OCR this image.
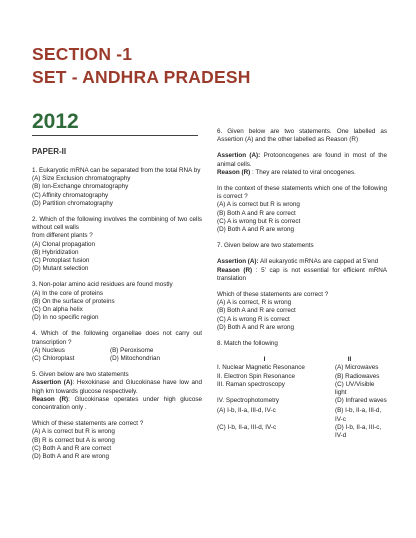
SECTION -1
SET - ANDHRA PRADESH
2012
PAPER-II

1. Eukaryotic mRNA can be separated from the total RNA by

(A) Size Exclusion chromatography

(B) Ion-Exchange chromatography

(C) Affinity chromatography

(D) Partition chromatography

2. Which of the following involves the combining of two cells without cell walls

from different plants ?

(A) Clonal propagation

(B) Hybridization

(C) Protoplast fusion

(D) Mutant selection

3. Non-polar amino acid residues are found mostly

(A) In the core of proteins

(B) On the surface of proteins

(C) On alpha helix

(D) In no specific region

4. Which of the following organellae does not carry out transcription ?

(A) Nucleus	(B) Peroxisome

(C) Chloroplast	(D) Mitochondrian

5. Given below are two statements

Assertion (A): Hexokinase and Glucokinase have low and high km towards glucose respectively.

Reason (R): Glucokinase operates under high glucose concentration only .

Which of these statements are correct ?

(A) A is correct but R is wrong

(B) R is correct but A is wrong

(C) Both A and R are correct

(D) Both A and R are wrong

6. Given below are two statements. One labelled as Assertion (A) and the other labelled as Reason (R)

Assertion (A): Protooncogenes are found in most of the animal cells.

Reason (R) : They are related to viral oncogenes.

In the context of these statements which one of the following is correct ?

(A) A is correct but R is wrong

(B) Both A and R are correct

(C) A is wrong but R is correct

(D) Both A and R are wrong

7. Given below are two statements

Assertion (A): All eukaryotic mRNAs are capped at 5'end

Reason (R) : 5' cap is not essential for efficient mRNA translation

Which of these statements are correct ?

(A) A is correct, R is wrong

(B) Both A and R are correct

(C) A is wrong R is correct

(D) Both A and R are wrong

8. Match the following

I	II
I. Nuclear Magnetic Resonance	(A) Microwaves
II. Electron Spin Resonance	(B) Radiowaves
III. Raman spectroscopy	(C) UV/Visible light
IV. Spectrophotometry	(D) Infrared waves
(A) I-b, II-a, III-d, IV-c	(B) I-b, II-a, III-d, IV-c
(C) I-b, II-a, III-d, IV-c	(D) I-b, II-a, III-c, IV-d
